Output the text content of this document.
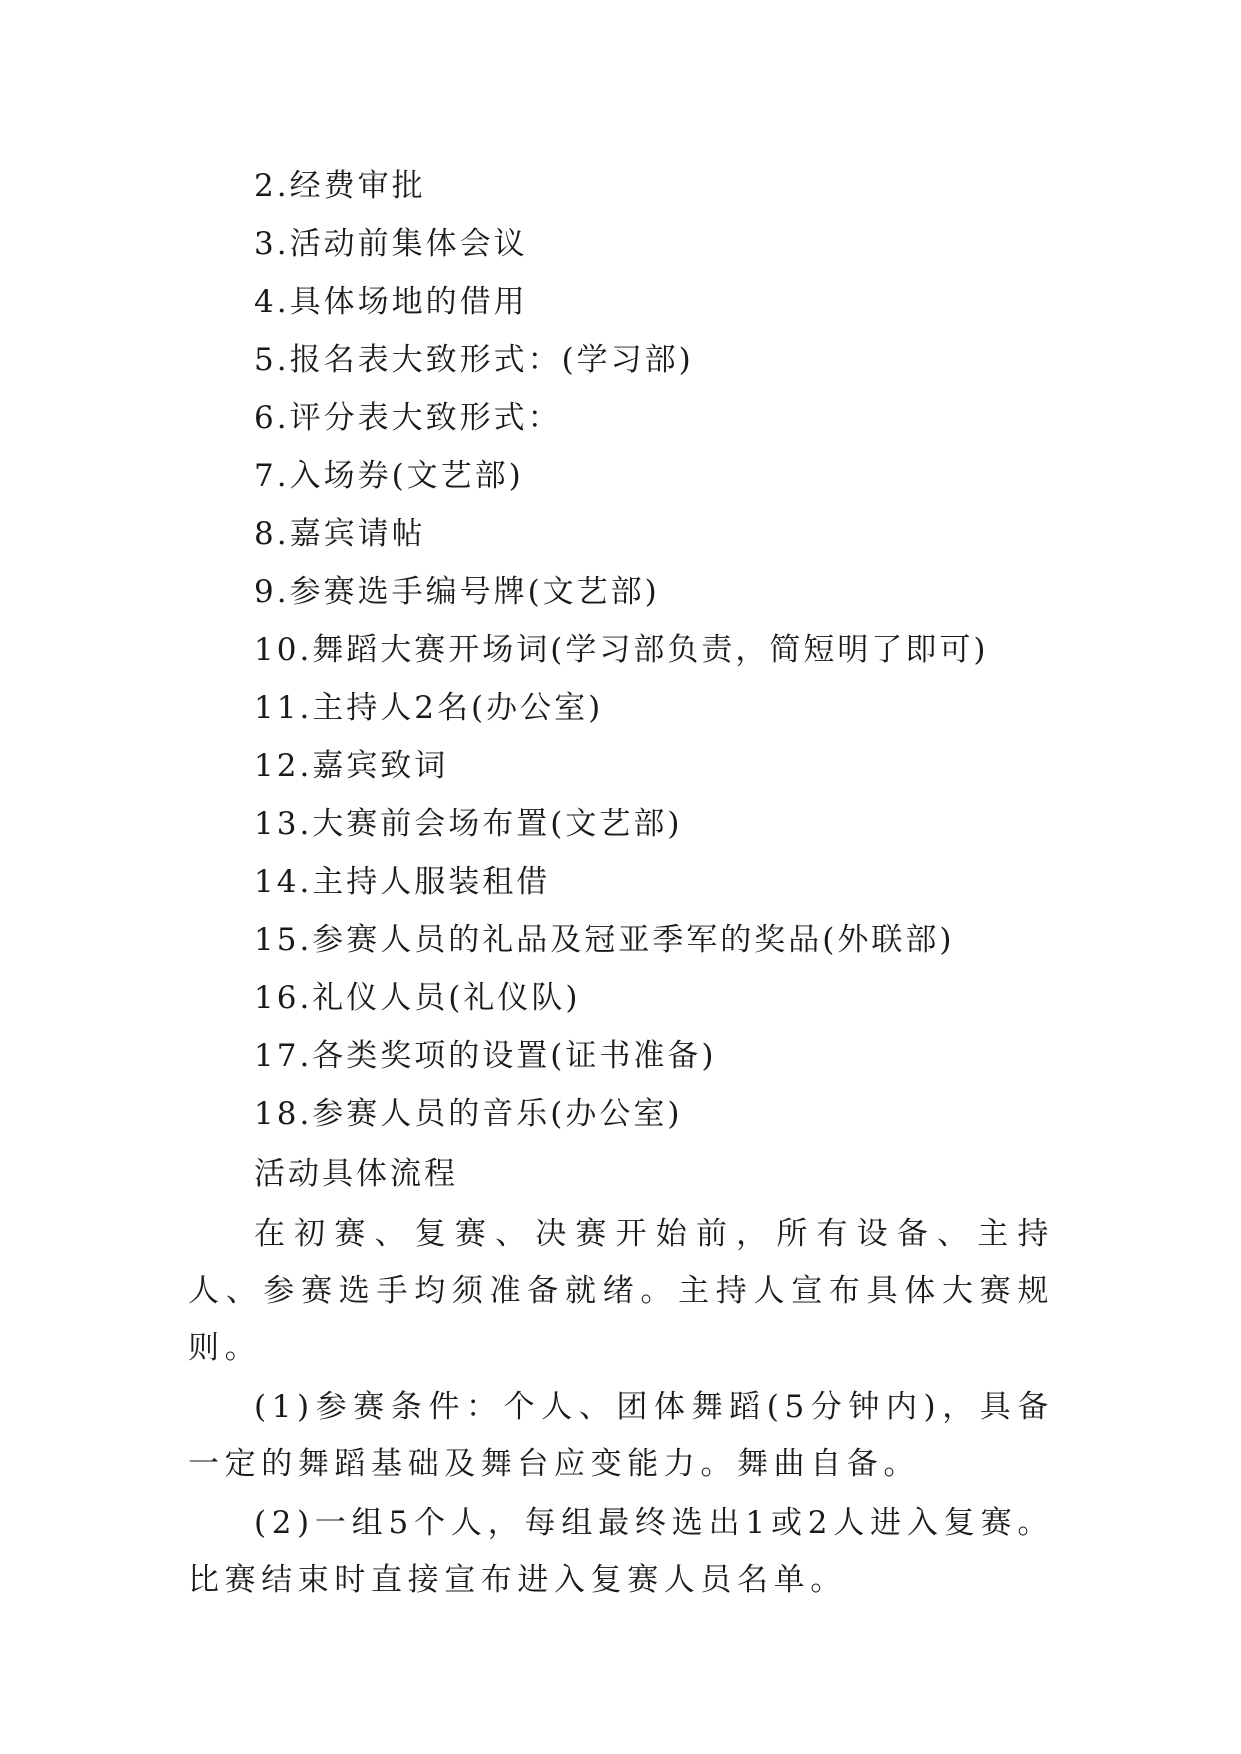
2.经费审批
3.活动前集体会议
4.具体场地的借用
5.报名表大致形式：(学习部)
6.评分表大致形式：
7.入场券(文艺部)
8.嘉宾请帖
9.参赛选手编号牌(文艺部)
10.舞蹈大赛开场词(学习部负责，简短明了即可)
11.主持人2名(办公室)
12.嘉宾致词
13.大赛前会场布置(文艺部)
14.主持人服装租借
15.参赛人员的礼品及冠亚季军的奖品(外联部)
16.礼仪人员(礼仪队)
17.各类奖项的设置(证书准备)
18.参赛人员的音乐(办公室)
活动具体流程

在初赛、复赛、决赛开始前，所有设备、主持人、参赛选手均须准备就绪。主持人宣布具体大赛规则。

(1)参赛条件：个人、团体舞蹈(5分钟内)，具备一定的舞蹈基础及舞台应变能力。舞曲自备。

(2)一组5个人，每组最终选出1或2人进入复赛。比赛结束时直接宣布进入复赛人员名单。
